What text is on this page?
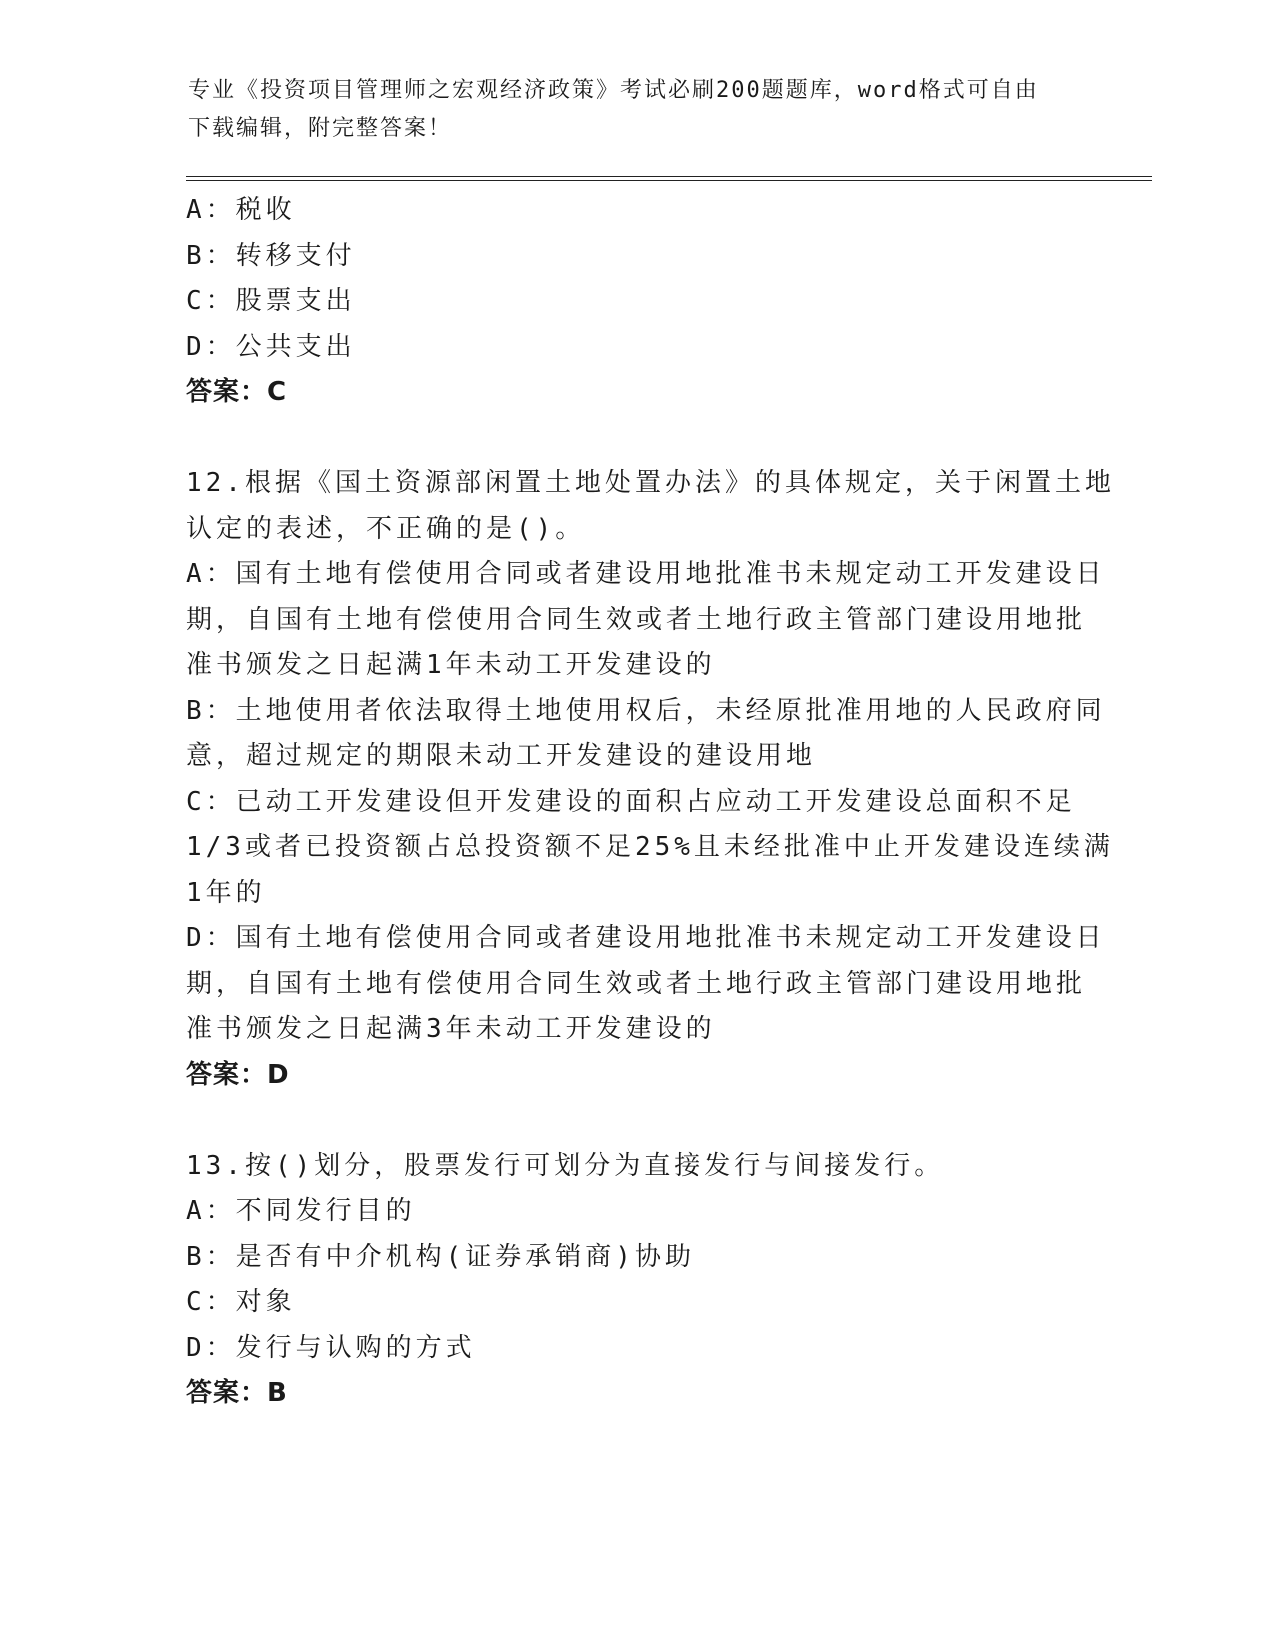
专业《投资项目管理师之宏观经济政策》考试必刷200题题库，word格式可自由
下载编辑，附完整答案！
A：税收
B：转移支付
C：股票支出
D：公共支出
答案：C
12.根据《国土资源部闲置土地处置办法》的具体规定，关于闲置土地
认定的表述，不正确的是()。
A：国有土地有偿使用合同或者建设用地批准书未规定动工开发建设日
期，自国有土地有偿使用合同生效或者土地行政主管部门建设用地批
准书颁发之日起满1年未动工开发建设的
B：土地使用者依法取得土地使用权后，未经原批准用地的人民政府同
意，超过规定的期限未动工开发建设的建设用地
C：已动工开发建设但开发建设的面积占应动工开发建设总面积不足
1/3或者已投资额占总投资额不足25%且未经批准中止开发建设连续满
1年的
D：国有土地有偿使用合同或者建设用地批准书未规定动工开发建设日
期，自国有土地有偿使用合同生效或者土地行政主管部门建设用地批
准书颁发之日起满3年未动工开发建设的
答案：D
13.按()划分，股票发行可划分为直接发行与间接发行。
A：不同发行目的
B：是否有中介机构(证券承销商)协助
C：对象
D：发行与认购的方式
答案：B
